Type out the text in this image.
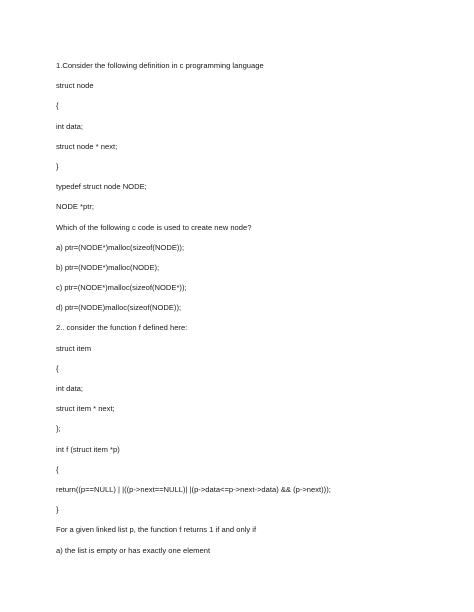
1.Consider the following definition in c programming language
struct node
{
int data;
struct node * next;
}
typedef struct node NODE;
NODE *ptr;
Which of the following c code is used to create new node?
a) ptr=(NODE*)malloc(sizeof(NODE));
b) ptr=(NODE*)malloc(NODE);
c) ptr=(NODE*)malloc(sizeof(NODE*));
d) ptr=(NODE)malloc(sizeof(NODE));
2.. consider the function f defined here:
struct item
{
int data;
struct item * next;
};
int f (struct item *p)
{
return((p==NULL) | |((p->next==NULL)| |(p->data<=p->next->data) && (p->next)));
}
For a given linked list p, the function f returns 1 if and only if
a) the list is empty or has exactly one element
